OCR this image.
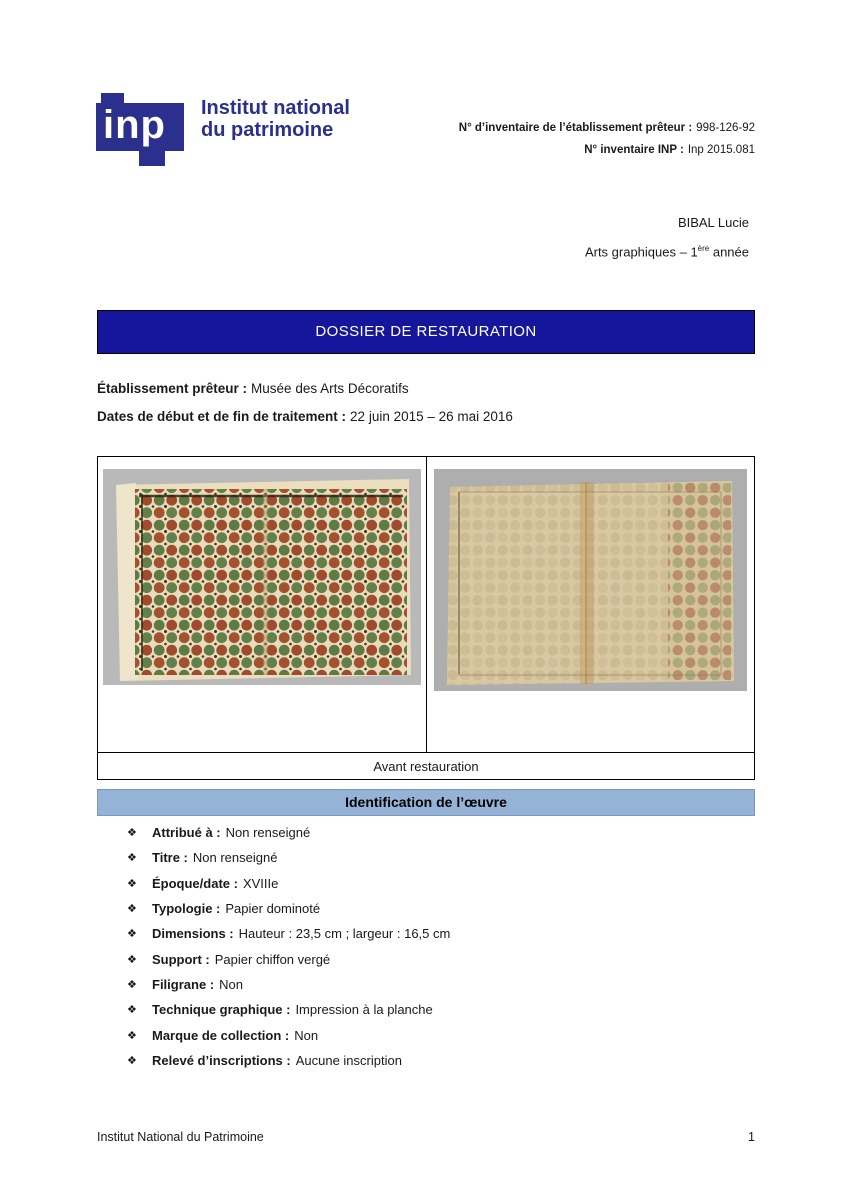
inp	Institut national
du patrimoine	N° d’inventaire de l’établissement prêteur : 998-126-92
N° inventaire INP : Inp 2015.081
BIBAL Lucie
Arts graphiques – 1ère année
DOSSIER DE RESTAURATION
Établissement prêteur : Musée des Arts Décoratifs
Dates de début et de fin de traitement : 22 juin 2015 – 26 mai 2016

Avant restauration
Identification de l’œuvre
❖	Attribué à : Non renseigné
❖	Titre : Non renseigné
❖	Époque/date : XVIIIe
❖	Typologie : Papier dominoté
❖	Dimensions : Hauteur : 23,5 cm ; largeur : 16,5 cm
❖	Support : Papier chiffon vergé
❖	Filigrane : Non
❖	Technique graphique : Impression à la planche
❖	Marque de collection : Non
❖	Relevé d’inscriptions : Aucune inscription
Institut National du Patrimoine	1
